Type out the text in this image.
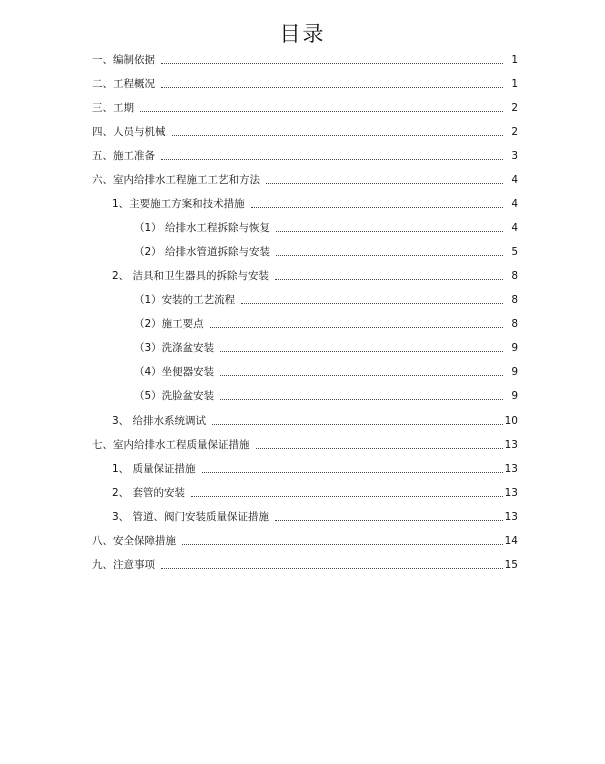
目录
一、编制依据	1
二、工程概况	1
三、工期	2
四、人员与机械	2
五、施工准备	3
六、室内给排水工程施工工艺和方法	4
1、主要施工方案和技术措施	4
（1） 给排水工程拆除与恢复	4
（2） 给排水管道拆除与安装	5
2、 洁具和卫生器具的拆除与安装	8
（1）安装的工艺流程	8
（2）施工要点	8
（3）洗涤盆安装	9
（4）坐便器安装	9
（5）洗脸盆安装	9
3、 给排水系统调试	10
七、室内给排水工程质量保证措施	13
1、 质量保证措施	13
2、 套管的安装	13
3、 管道、阀门安装质量保证措施	13
八、安全保障措施	14
九、注意事项	15
